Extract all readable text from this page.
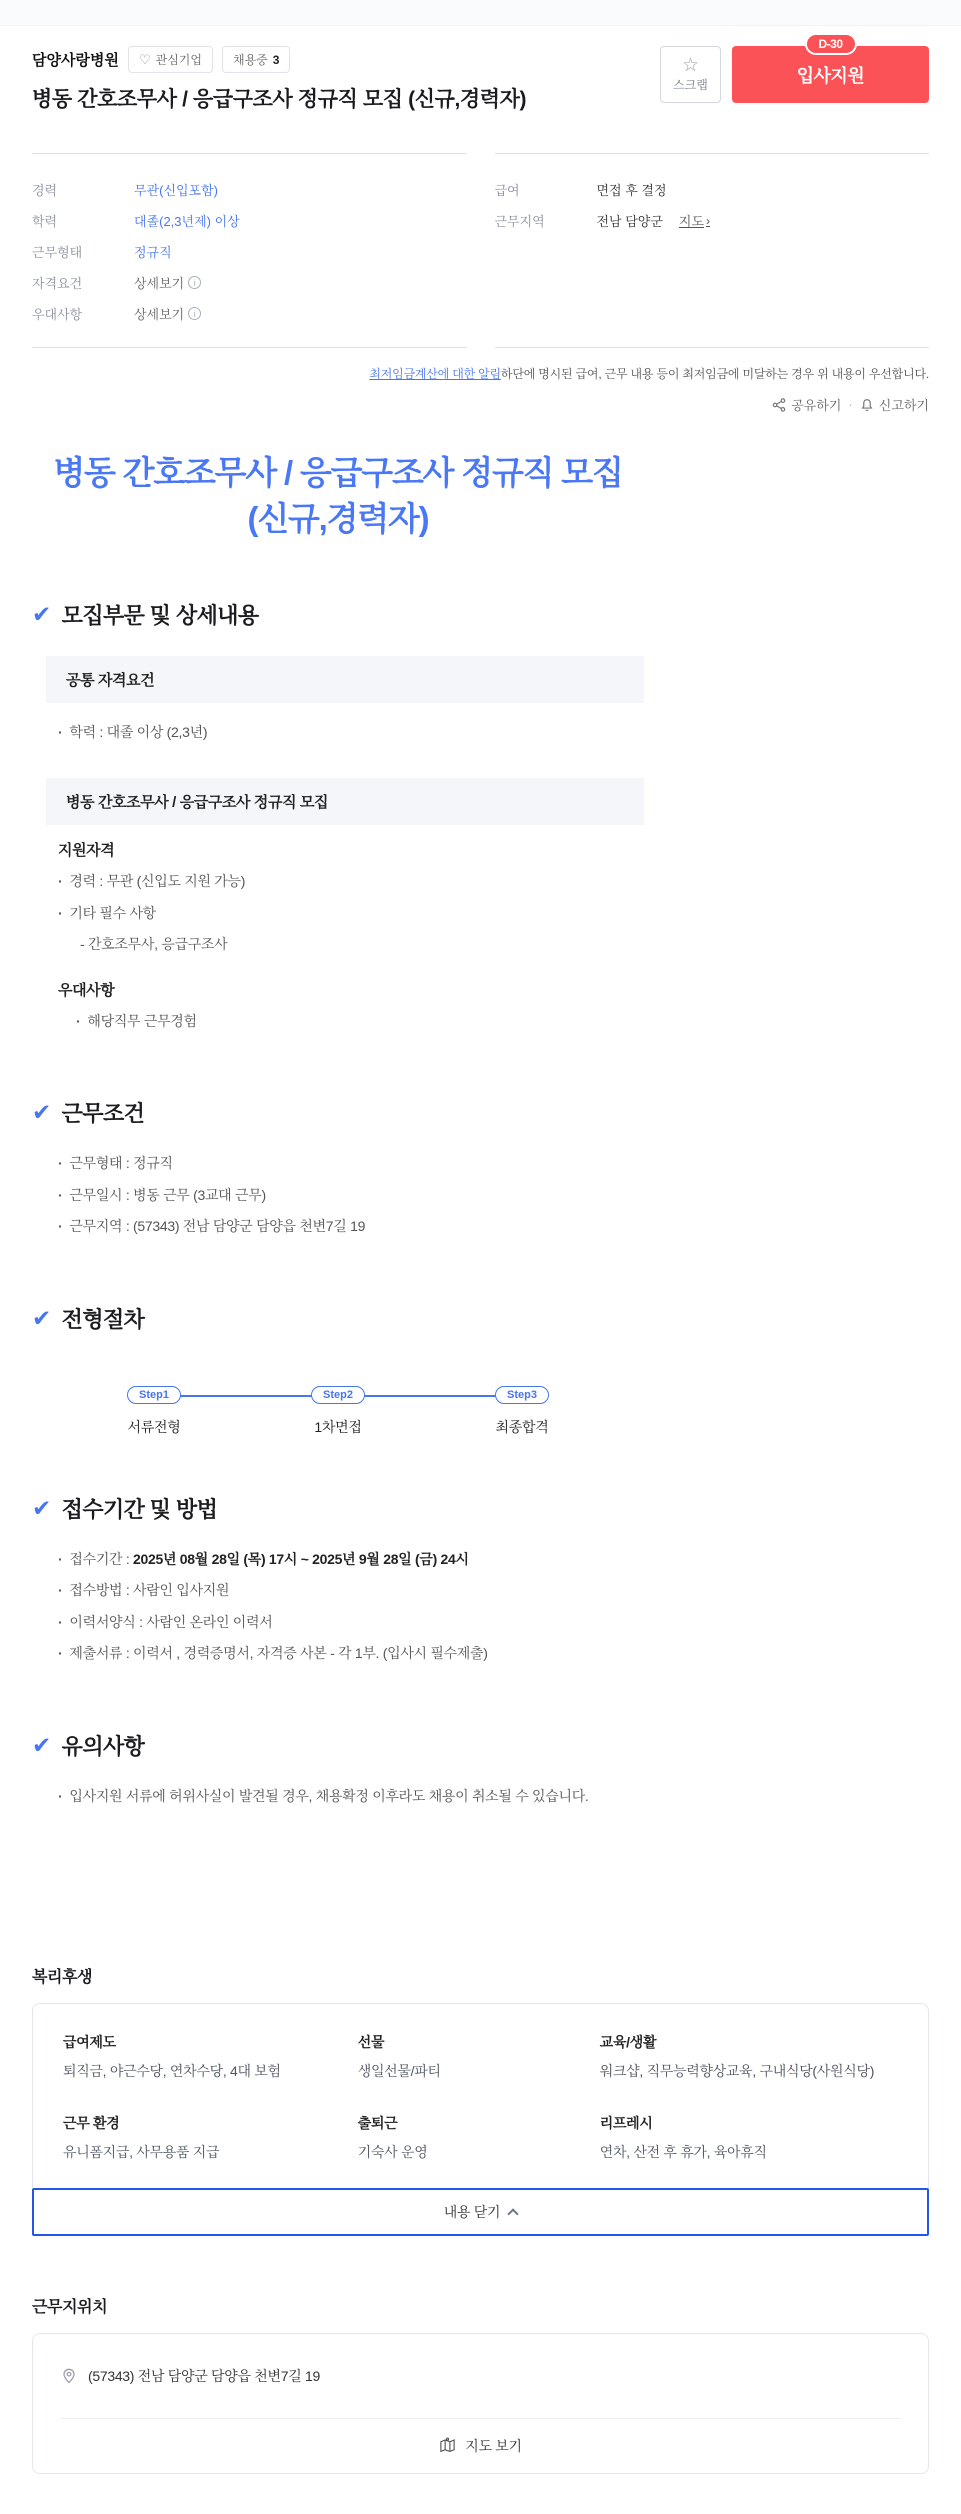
담양사랑병원 ♡ 관심기업	채용중 3
병동 간호조무사 / 응급구조사 정규직 모집 (신규,경력자)
☆
스크랩
D-30
입사지원
경력	무관(신입포함)
학력	대졸(2,3년제) 이상
근무형태	정규직
자격요건	상세보기
i
우대사항	상세보기
i
급여	면접 후 결정
근무지역	전남 담양군 지도
›
최저임금계산에 대한 알림하단에 명시된 급여, 근무 내용 등이 최저임금에 미달하는 경우 위 내용이 우선합니다.
공유하기 · 신고하기
병동 간호조무사 / 응급구조사 정규직 모집
(신규,경력자)
✔ 모집부문 및 상세내용
공통 자격요건
· 학력 : 대졸 이상 (2,3년)
병동 간호조무사 / 응급구조사 정규직 모집
지원자격
· 경력 : 무관 (신입도 지원 가능)
· 기타 필수 사항
- 간호조무사, 응급구조사
우대사항
· 해당직무 근무경험
✔ 근무조건
· 근무형태 : 정규직
· 근무일시 : 병동 근무 (3교대 근무)
· 근무지역 : (57343) 전남 담양군 담양읍 천변7길 19
✔ 전형절차
Step1
서류전형
Step2
1차면접
Step3
최종합격
✔ 접수기간 및 방법
· 접수기간 : 2025년 08월 28일 (목) 17시 ~ 2025년 9월 28일 (금) 24시
· 접수방법 : 사람인 입사지원
· 이력서양식 : 사람인 온라인 이력서
· 제출서류 : 이력서 , 경력증명서, 자격증 사본 - 각 1부. (입사시 필수제출)
✔ 유의사항
· 입사지원 서류에 허위사실이 발견될 경우, 채용확정 이후라도 채용이 취소될 수 있습니다.
복리후생
급여제도
퇴직금, 야근수당, 연차수당, 4대 보험
선물
생일선물/파티
교육/생활
워크샵, 직무능력향상교육, 구내식당(사원식당)
근무 환경
유니폼지급, 사무용품 지급
출퇴근
기숙사 운영
리프레시
연차, 산전 후 휴가, 육아휴직
내용 닫기
근무지위치
(57343) 전남 담양군 담양읍 천변7길 19
지도 보기
